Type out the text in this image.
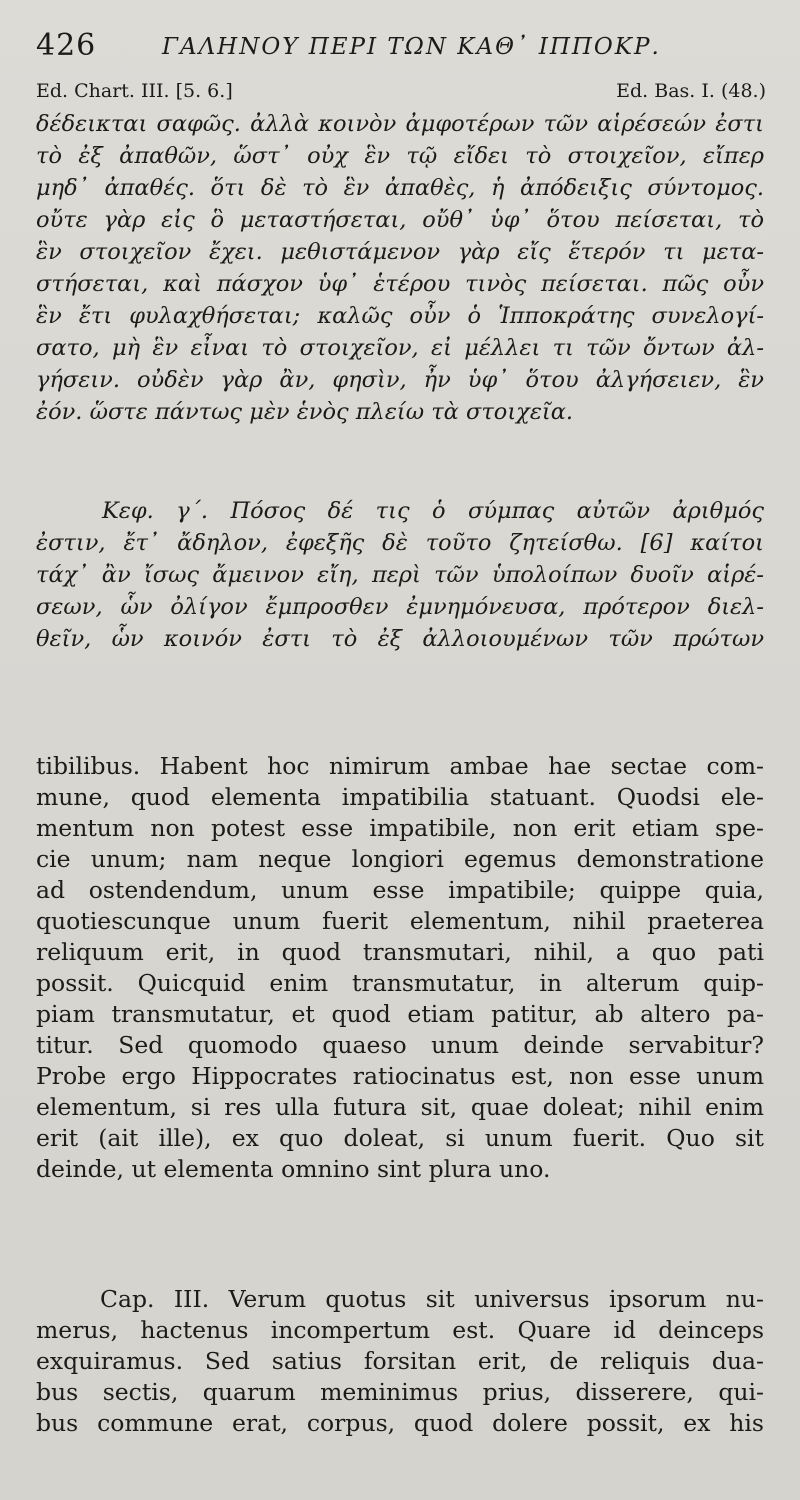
426	ΓΑΛΗΝΟΥ ΠΕΡΙ ΤΩΝ ΚΑΘ᾽ ΙΠΠΟΚΡ.
Ed. Chart. III. [5. 6.]	Ed. Bas. I. (48.)
δέδεικται σαφῶς. ἀλλὰ κοινὸν ἀμφοτέρων τῶν αἱρέσεών ἐστι
τὸ ἐξ ἀπαθῶν, ὥστ᾽ οὐχ ἓν τῷ εἴδει τὸ στοιχεῖον, εἴπερ
μηδ᾽ ἀπαθές. ὅτι δὲ τὸ ἓν ἀπαθὲς, ἡ ἀπόδειξις σύντομος.
οὔτε γὰρ εἰς ὃ μεταστήσεται, οὔθ᾽ ὑφ᾽ ὅτου πείσεται, τὸ
ἓν στοιχεῖον ἔχει. μεθιστάμενον γὰρ εἴς ἕτερόν τι μετα-
στήσεται, καὶ πάσχον ὑφ᾽ ἑτέρου τινὸς πείσεται. πῶς οὖν
ἓν ἔτι φυλαχθήσεται; καλῶς οὖν ὁ Ἱπποκράτης συνελογί-
σατο, μὴ ἓν εἶναι τὸ στοιχεῖον, εἰ μέλλει τι τῶν ὄντων ἀλ-
γήσειν. οὐδὲν γὰρ ἂν, φησὶν, ἦν ὑφ᾽ ὅτου ἀλγήσειεν, ἓν
ἐόν. ὥστε πάντως μὲν ἑνὸς πλείω τὰ στοιχεῖα.
Κεφ. γ΄. Πόσος δέ τις ὁ σύμπας αὐτῶν ἀριθμός
ἐστιν, ἔτ᾽ ἄδηλον, ἐφεξῆς δὲ τοῦτο ζητείσθω. [6] καίτοι
τάχ᾽ ἂν ἴσως ἄμεινον εἴη, περὶ τῶν ὑπολοίπων δυοῖν αἱρέ-
σεων, ὧν ὀλίγον ἔμπροσθεν ἐμνημόνευσα, πρότερον διελ-
θεῖν, ὧν κοινόν ἐστι τὸ ἐξ ἀλλοιουμένων τῶν πρώτων
tibilibus. Habent hoc nimirum ambae hae sectae com-
mune, quod elementa impatibilia statuant. Quodsi ele-
mentum non potest esse impatibile, non erit etiam spe-
cie unum; nam neque longiori egemus demonstratione
ad ostendendum, unum esse impatibile; quippe quia,
quotiescunque unum fuerit elementum, nihil praeterea
reliquum erit, in quod transmutari, nihil, a quo pati
possit. Quicquid enim transmutatur, in alterum quip-
piam transmutatur, et quod etiam patitur, ab altero pa-
titur. Sed quomodo quaeso unum deinde servabitur?
Probe ergo Hippocrates ratiocinatus est, non esse unum
elementum, si res ulla futura sit, quae doleat; nihil enim
erit (ait ille), ex quo doleat, si unum fuerit. Quo sit
deinde, ut elementa omnino sint plura uno.
Cap. III. Verum quotus sit universus ipsorum nu-
merus, hactenus incompertum est. Quare id deinceps
exquiramus. Sed satius forsitan erit, de reliquis dua-
bus sectis, quarum meminimus prius, disserere, qui-
bus commune erat, corpus, quod dolere possit, ex his
